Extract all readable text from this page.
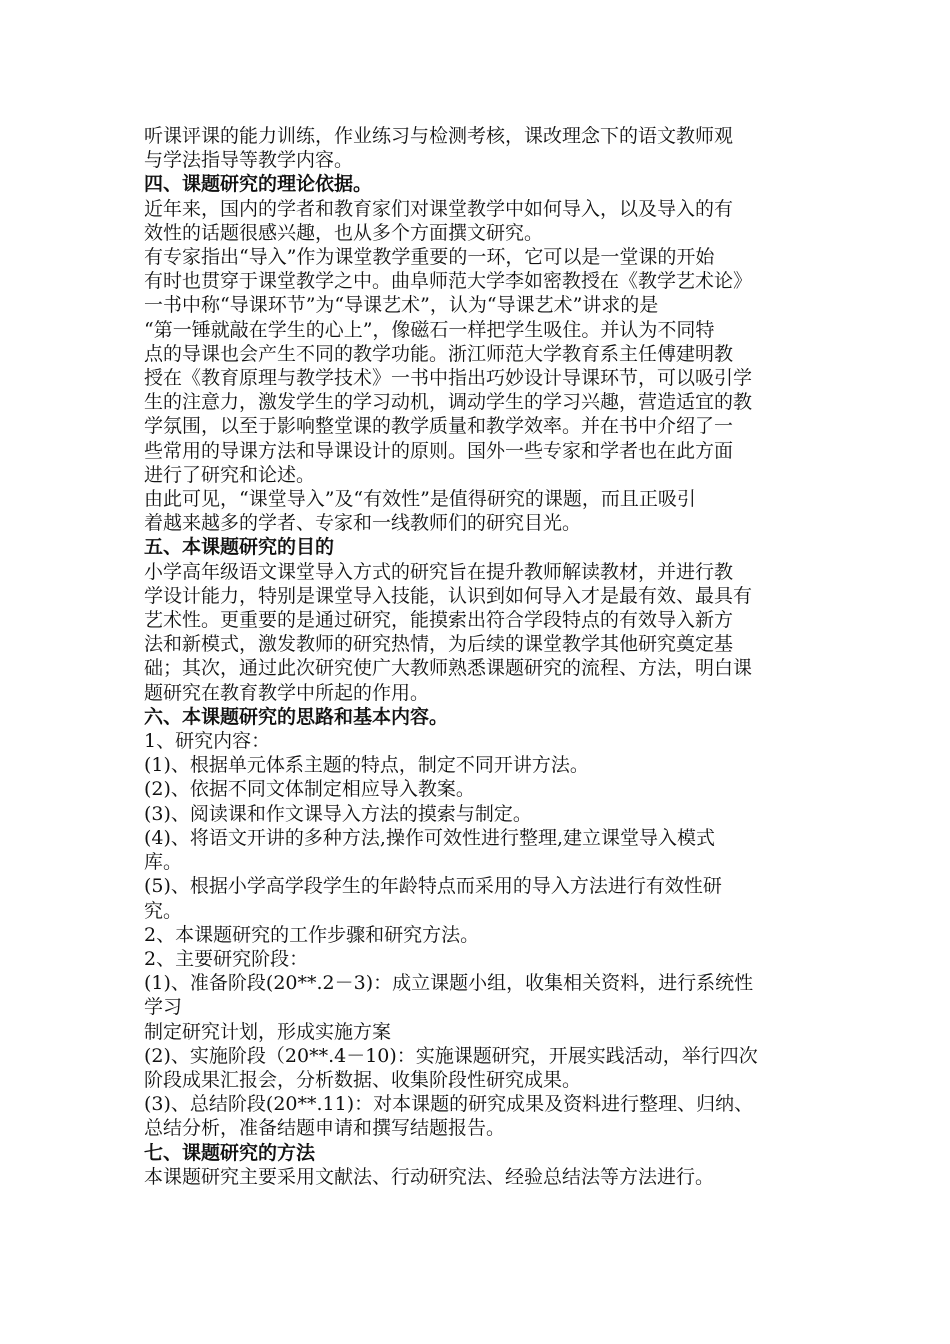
听课评课的能力训练，作业练习与检测考核，课改理念下的语文教师观
与学法指导等教学内容。

四、课题研究的理论依据。

近年来，国内的学者和教育家们对课堂教学中如何导入，以及导入的有
效性的话题很感兴趣，也从多个方面撰文研究。

有专家指出“导入”作为课堂教学重要的一环，它可以是一堂课的开始
有时也贯穿于课堂教学之中。曲阜师范大学李如密教授在《教学艺术论》
一书中称“导课环节”为“导课艺术”，认为“导课艺术”讲求的是
“第一锤就敲在学生的心上”，像磁石一样把学生吸住。并认为不同特
点的导课也会产生不同的教学功能。浙江师范大学教育系主任傅建明教
授在《教育原理与教学技术》一书中指出巧妙设计导课环节，可以吸引学
生的注意力，激发学生的学习动机，调动学生的学习兴趣，营造适宜的教
学氛围，以至于影响整堂课的教学质量和教学效率。并在书中介绍了一
些常用的导课方法和导课设计的原则。国外一些专家和学者也在此方面
进行了研究和论述。

由此可见，“课堂导入”及“有效性”是值得研究的课题，而且正吸引
着越来越多的学者、专家和一线教师们的研究目光。

五、本课题研究的目的

小学高年级语文课堂导入方式的研究旨在提升教师解读教材，并进行教
学设计能力，特别是课堂导入技能，认识到如何导入才是最有效、最具有
艺术性。更重要的是通过研究，能摸索出符合学段特点的有效导入新方
法和新模式，激发教师的研究热情，为后续的课堂教学其他研究奠定基
础；其次，通过此次研究使广大教师熟悉课题研究的流程、方法，明白课
题研究在教育教学中所起的作用。

六、本课题研究的思路和基本内容。

1、研究内容：

(1)、根据单元体系主题的特点，制定不同开讲方法。

(2)、依据不同文体制定相应导入教案。

(3)、阅读课和作文课导入方法的摸索与制定。

(4)、将语文开讲的多种方法,操作可效性进行整理,建立课堂导入模式
库。

(5)、根据小学高学段学生的年龄特点而采用的导入方法进行有效性研
究。

2、本课题研究的工作步骤和研究方法。

2、主要研究阶段：

(1)、准备阶段(20**.2－3)：成立课题小组，收集相关资料，进行系统性
学习

制定研究计划，形成实施方案

(2)、实施阶段（20**.4－10)：实施课题研究，开展实践活动，举行四次
阶段成果汇报会，分析数据、收集阶段性研究成果。

(3)、总结阶段(20**.11)：对本课题的研究成果及资料进行整理、归纳、
总结分析，准备结题申请和撰写结题报告。

七、课题研究的方法

本课题研究主要采用文献法、行动研究法、经验总结法等方法进行。
